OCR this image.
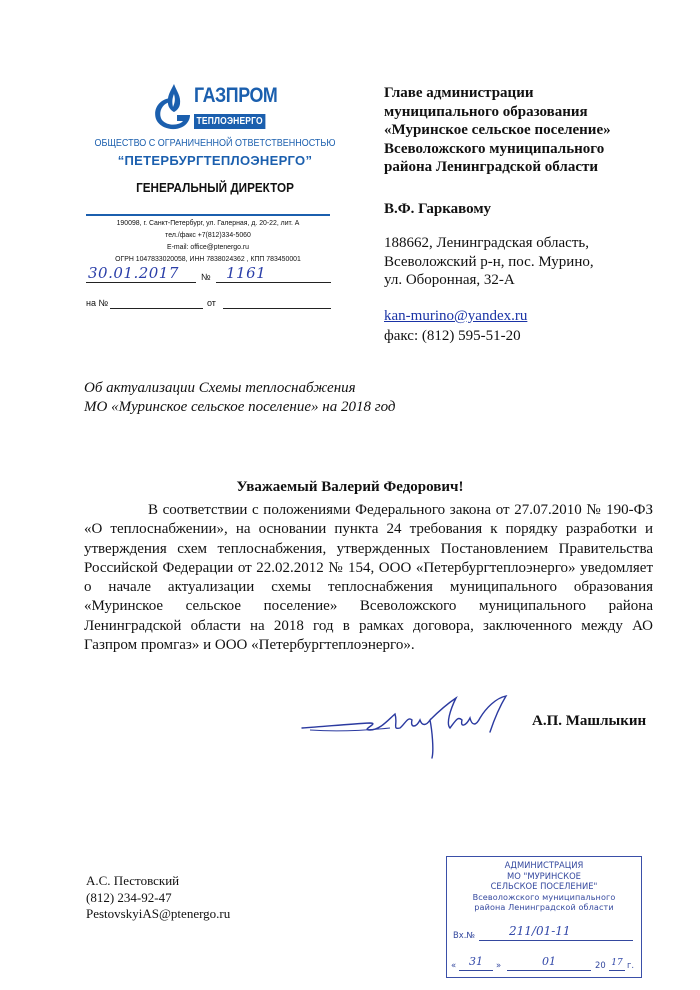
ГАЗПРОМ
ТЕПЛОЭНЕРГО
ОБЩЕСТВО С ОГРАНИЧЕННОЙ ОТВЕТСТВЕННОСТЬЮ
“ПЕТЕРБУРГТЕПЛОЭНЕРГО”
ГЕНЕРАЛЬНЫЙ ДИРЕКТОР
190098, г. Санкт-Петербург, ул. Галерная, д. 20-22, лит. А
тел./факс +7(812)334-5060
E-mail: office@ptenergo.ru
ОГРН 1047833020058, ИНН 7838024362 , КПП 783450001
30.01.2017 № 1161
на №	от
Главе администрации
муниципального образования
«Муринское сельское поселение»
Всеволожского муниципального
района Ленинградской области
В.Ф. Гаркавому
188662, Ленинградская область,
Всеволожский р-н, пос. Мурино,
ул. Оборонная, 32-А
kan-murino@yandex.ru
факс: (812) 595-51-20
Об актуализации Схемы теплоснабжения
МО «Муринское сельское поселение» на 2018 год
Уважаемый Валерий Федорович!

В соответствии с положениями Федерального закона от 27.07.2010 № 190-ФЗ «О теплоснабжении», на основании пункта 24 требования к порядку разработки и утверждения схем теплоснабжения, утвержденных Постановлением Правительства Российской Федерации от 22.02.2012 № 154, ООО «Петербургтеплоэнерго» уведомляет о начале актуализации схемы теплоснабжения муниципального образования «Муринское сельское поселение» Всеволожского муниципального района Ленинградской области на 2018 год в рамках договора, заключенного между АО Газпром промгаз» и ООО «Петербургтеплоэнерго».

А.П. Машлыкин
А.С. Пестовский
(812) 234-92-47
PestovskyiAS@ptenergo.ru
АДМИНИСТРАЦИЯ
МО "МУРИНСКОЕ
СЕЛЬСКОЕ ПОСЕЛЕНИЕ"
Всеволожского муниципального
района Ленинградской области
Вх.№	211/01-11
«	31	»	01	20 17 г.
